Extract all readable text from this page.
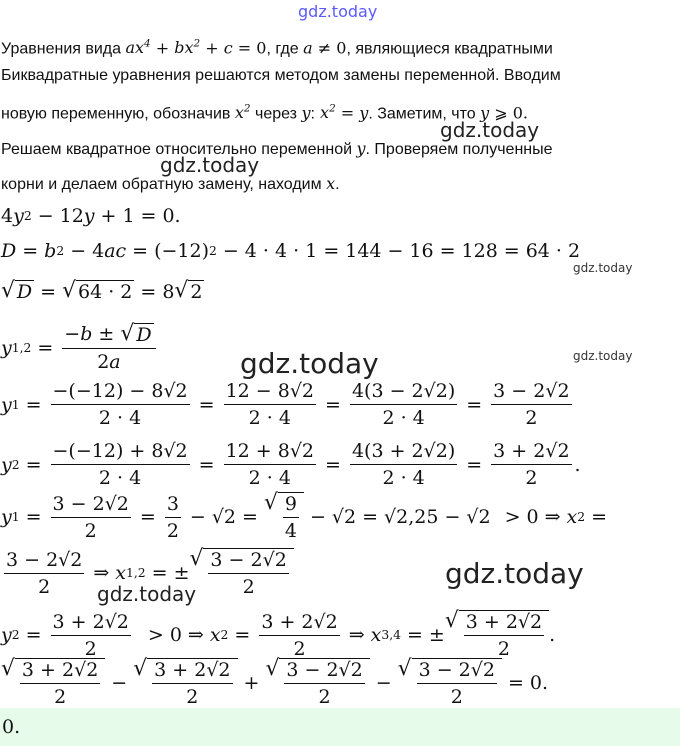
gdz.today
gdz.today
gdz.today
gdz.today
gdz.today
gdz.today
gdz.today
gdz.today
Уравнения вида $ax^4 + bx^2 + c = 0$, где a ≠ 0, являющиеся квадратными
Биквадратные уравнения решаются методом замены переменной. Вводим
новую переменную, обозначив $x^2$ через y: $x^2 = y$. Заметим, что y ⩾ 0.
Решаем квадратное относительно переменной y. Проверяем полученные
корни и делаем обратную замену, находим x.
4 y 2 − 12 y + 1 = 0.
D = b 2 − 4 ac = (−12) 2 − 4 · 4 · 1 = 144 − 16 = 128 = 64 · 2
√ D = √ 64 · 2 = 8 √ 2
y $1,2 = \frac{-b \pm √ D}{2a}$
y $1 = \frac{-(-12) - 8√2}{2 \cdot 4} = \frac{12 - 8√2}{2 \cdot 4} = \frac{4(3 - 2√2)}{2 \cdot 4} = \frac{3 - 2√2}{2}$
y $2 = \frac{-(-12) + 8√2}{2 \cdot 4} = \frac{12 + 8√2}{2 \cdot 4} = \frac{4(3 + 2√2)}{2 \cdot 4} = \frac{3 + 2√2}{2}$ .
y $1 = \frac{3 - 2√2}{2} = \frac{3}{2} - √2$ =
√ $\frac{9}{4} - √2 = √2,25 - √2 > 0$ ⇒ x 2 =
$\frac{3 - 2√2}{2}$ ⇒ x 1,2 = ±
√ $\frac{3 - 2√2}{2}$
y $2 = \frac{3 + 2√2}{2} > 0$ ⇒ x $2 = \frac{3 + 2√2}{2}$ ⇒ x 3,4 = ±
√ $\frac{3 + 2√2}{2}$ .
√ $\frac{3 + 2√2}{2}$ −
√ $\frac{3 + 2√2}{2}$ +
√ $\frac{3 - 2√2}{2}$ −
√ $\frac{3 - 2√2}{2} = 0$.
0.
